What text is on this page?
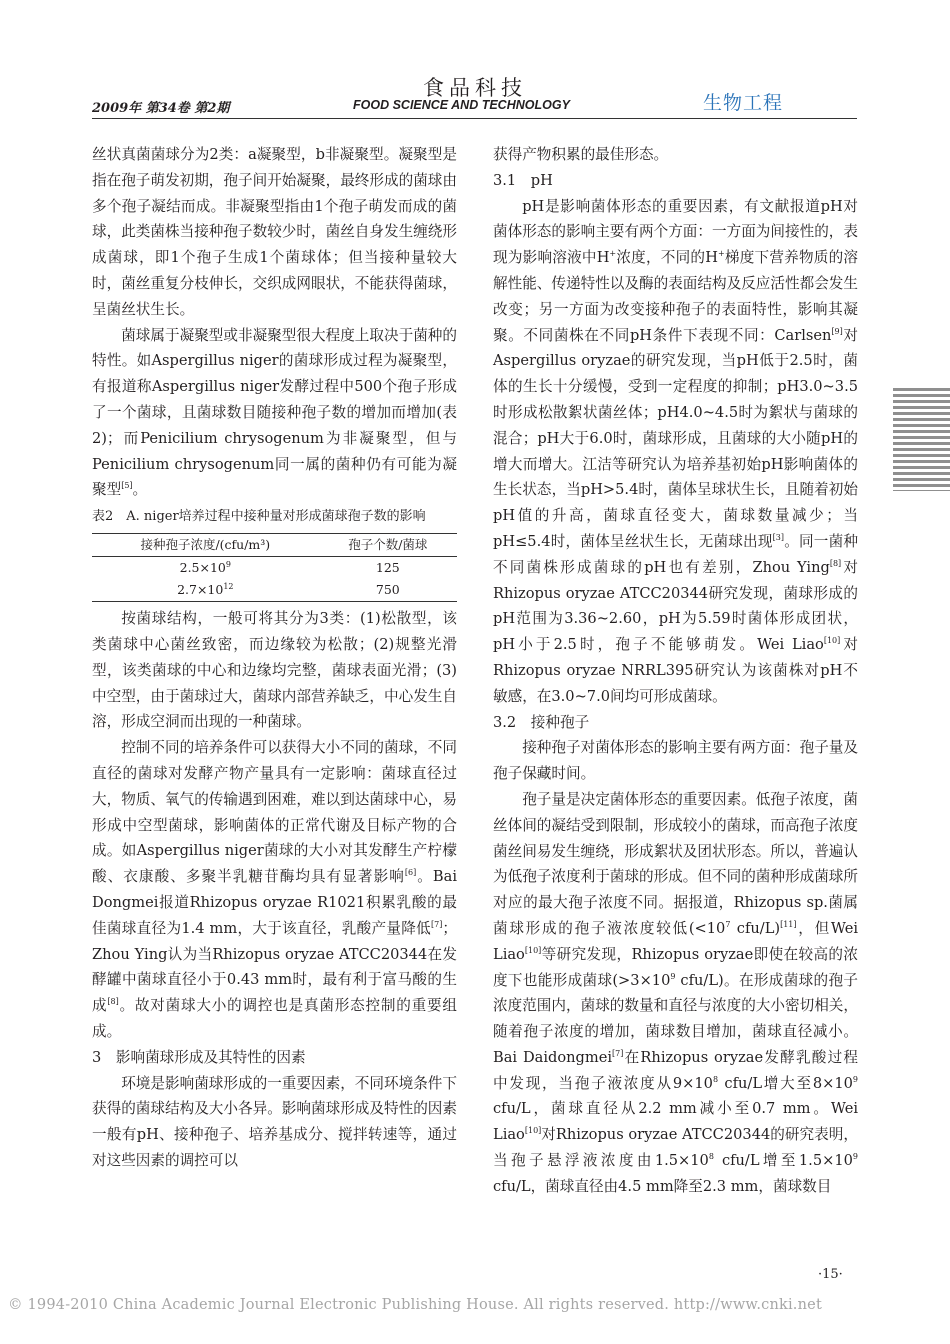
食品科技
2009年 第34卷 第2期	FOOD SCIENCE AND TECHNOLOGY	生物工程

丝状真菌菌球分为2类：a凝聚型，b非凝聚型。凝聚型是指在孢子萌发初期，孢子间开始凝聚，最终形成的菌球由多个孢子凝结而成。非凝聚型指由1个孢子萌发而成的菌球，此类菌株当接种孢子数较少时，菌丝自身发生缠绕形成菌球，即1个孢子生成1个菌球体；但当接种量较大时，菌丝重复分枝伸长，交织成网眼状，不能获得菌球，呈菌丝状生长。

菌球属于凝聚型或非凝聚型很大程度上取决于菌种的特性。如Aspergillus niger的菌球形成过程为凝聚型，有报道称Aspergillus niger发酵过程中500个孢子形成了一个菌球，且菌球数目随接种孢子数的增加而增加(表2)；而Penicilium chrysogenum为非凝聚型，但与Penicilium chrysogenum同一属的菌种仍有可能为凝聚型[5]。

表2　A. niger培养过程中接种量对形成菌球孢子数的影响
接种孢子浓度/(cfu/m³)	孢子个数/菌球
$2.5\times 10^9$	125
$2.7\times 10^{12}$	750

按菌球结构，一般可将其分为3类：(1)松散型，该类菌球中心菌丝致密，而边缘较为松散；(2)规整光滑型，该类菌球的中心和边缘均完整，菌球表面光滑；(3)中空型，由于菌球过大，菌球内部营养缺乏，中心发生自溶，形成空洞而出现的一种菌球。

控制不同的培养条件可以获得大小不同的菌球，不同直径的菌球对发酵产物产量具有一定影响：菌球直径过大，物质、氧气的传输遇到困难，难以到达菌球中心，易形成中空型菌球，影响菌体的正常代谢及目标产物的合成。如Aspergillus niger菌球的大小对其发酵生产柠檬酸、衣康酸、多聚半乳糖苷酶均具有显著影响[6]。Bai Dongmei报道Rhizopus oryzae R1021积累乳酸的最佳菌球直径为1.4 mm，大于该直径，乳酸产量降低[7]；Zhou Ying认为当Rhizopus oryzae ATCC20344在发酵罐中菌球直径小于0.43 mm时，最有利于富马酸的生成[8]。故对菌球大小的调控也是真菌形态控制的重要组成。

3　影响菌球形成及其特性的因素

环境是影响菌球形成的一重要因素，不同环境条件下获得的菌球结构及大小各异。影响菌球形成及特性的因素一般有pH、接种孢子、培养基成分、搅拌转速等，通过对这些因素的调控可以

获得产物积累的最佳形态。

3.1　pH

pH是影响菌体形态的重要因素，有文献报道pH对菌体形态的影响主要有两个方面：一方面为间接性的，表现为影响溶液中H+浓度，不同的H+梯度下营养物质的溶解性能、传递特性以及酶的表面结构及反应活性都会发生改变；另一方面为改变接种孢子的表面特性，影响其凝聚。不同菌株在不同pH条件下表现不同：Carlsen[9]对Aspergillus oryzae的研究发现，当pH低于2.5时，菌体的生长十分缓慢，受到一定程度的抑制；pH3.0~3.5时形成松散絮状菌丝体；pH4.0~4.5时为絮状与菌球的混合；pH大于6.0时，菌球形成，且菌球的大小随pH的增大而增大。江洁等研究认为培养基初始pH影响菌体的生长状态，当pH>5.4时，菌体呈球状生长，且随着初始pH值的升高，菌球直径变大，菌球数量减少；当pH≤5.4时，菌体呈丝状生长，无菌球出现[3]。同一菌种不同菌株形成菌球的pH也有差别，Zhou Ying[8]对Rhizopus oryzae ATCC20344研究发现，菌球形成的pH范围为3.36~2.60，pH为5.59时菌体形成团状，pH小于2.5时，孢子不能够萌发。Wei Liao[10]对Rhizopus oryzae NRRL395研究认为该菌株对pH不敏感，在3.0~7.0间均可形成菌球。

3.2　接种孢子

接种孢子对菌体形态的影响主要有两方面：孢子量及孢子保藏时间。

孢子量是决定菌体形态的重要因素。低孢子浓度，菌丝体间的凝结受到限制，形成较小的菌球，而高孢子浓度菌丝间易发生缠绕，形成絮状及团状形态。所以，普遍认为低孢子浓度利于菌球的形成。但不同的菌种形成菌球所对应的最大孢子浓度不同。据报道，Rhizopus sp.菌属菌球形成的孢子液浓度较低($<10^7$ cfu/L)[11]，但Wei Liao[10]等研究发现，Rhizopus oryzae即使在较高的浓度下也能形成菌球($>3\times 10^9$ cfu/L)。在形成菌球的孢子浓度范围内，菌球的数量和直径与浓度的大小密切相关，随着孢子浓度的增加，菌球数目增加，菌球直径减小。Bai Daidongmei[7]在Rhizopus oryzae发酵乳酸过程中发现，当孢子液浓度从$9\times 10^8$ cfu/L增大至$8\times 10^9$ cfu/L，菌球直径从2.2 mm减小至0.7 mm。Wei Liao[10]对Rhizopus oryzae ATCC20344的研究表明，当孢子悬浮液浓度由$1.5\times 10^8$ cfu/L增至$1.5\times 10^9$ cfu/L，菌球直径由4.5 mm降至2.3 mm，菌球数目

·15·
© 1994-2010 China Academic Journal Electronic Publishing House. All rights reserved. http://www.cnki.net
